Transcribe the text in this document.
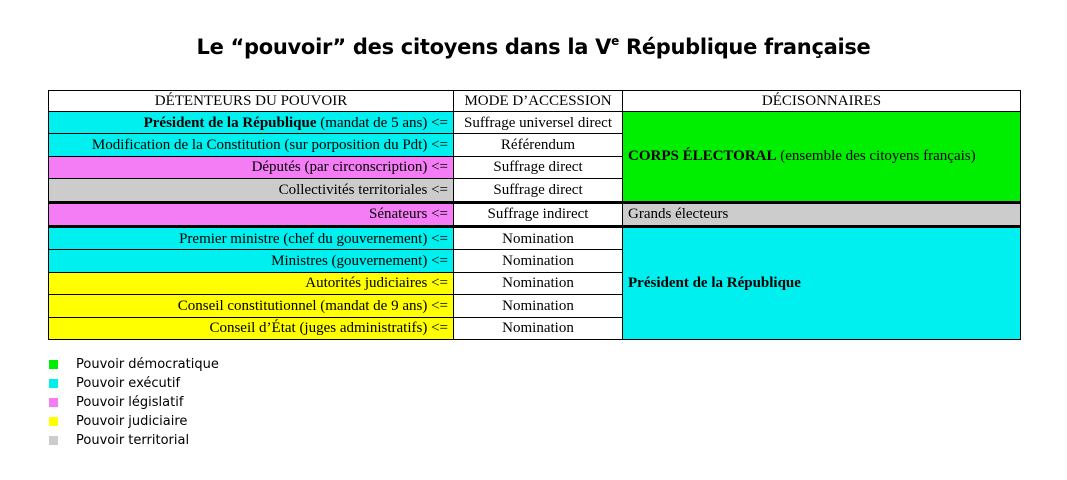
Le “pouvoir” des citoyens dans la Ve République française
DÉTENTEURS DU POUVOIR	MODE D’ACCESSION	DÉCISONNAIRES
Président de la République (mandat de 5 ans) <=	Suffrage universel direct	CORPS ÉLECTORAL (ensemble des citoyens français)
Modification de la Constitution (sur porposition du Pdt) <=	Référendum	
Députés (par circonscription) <=	Suffrage direct	
Collectivités territoriales <=	Suffrage direct	
Sénateurs <=	Suffrage indirect	Grands électeurs
Premier ministre (chef du gouvernement) <=	Nomination	Président de la République
Ministres (gouvernement) <=	Nomination	
Autorités judiciaires <=	Nomination	
Conseil constitutionnel (mandat de 9 ans) <=	Nomination	
Conseil d’État (juges administratifs) <=	Nomination	
Pouvoir démocratique
Pouvoir exécutif
Pouvoir législatif
Pouvoir judiciaire
Pouvoir territorial
